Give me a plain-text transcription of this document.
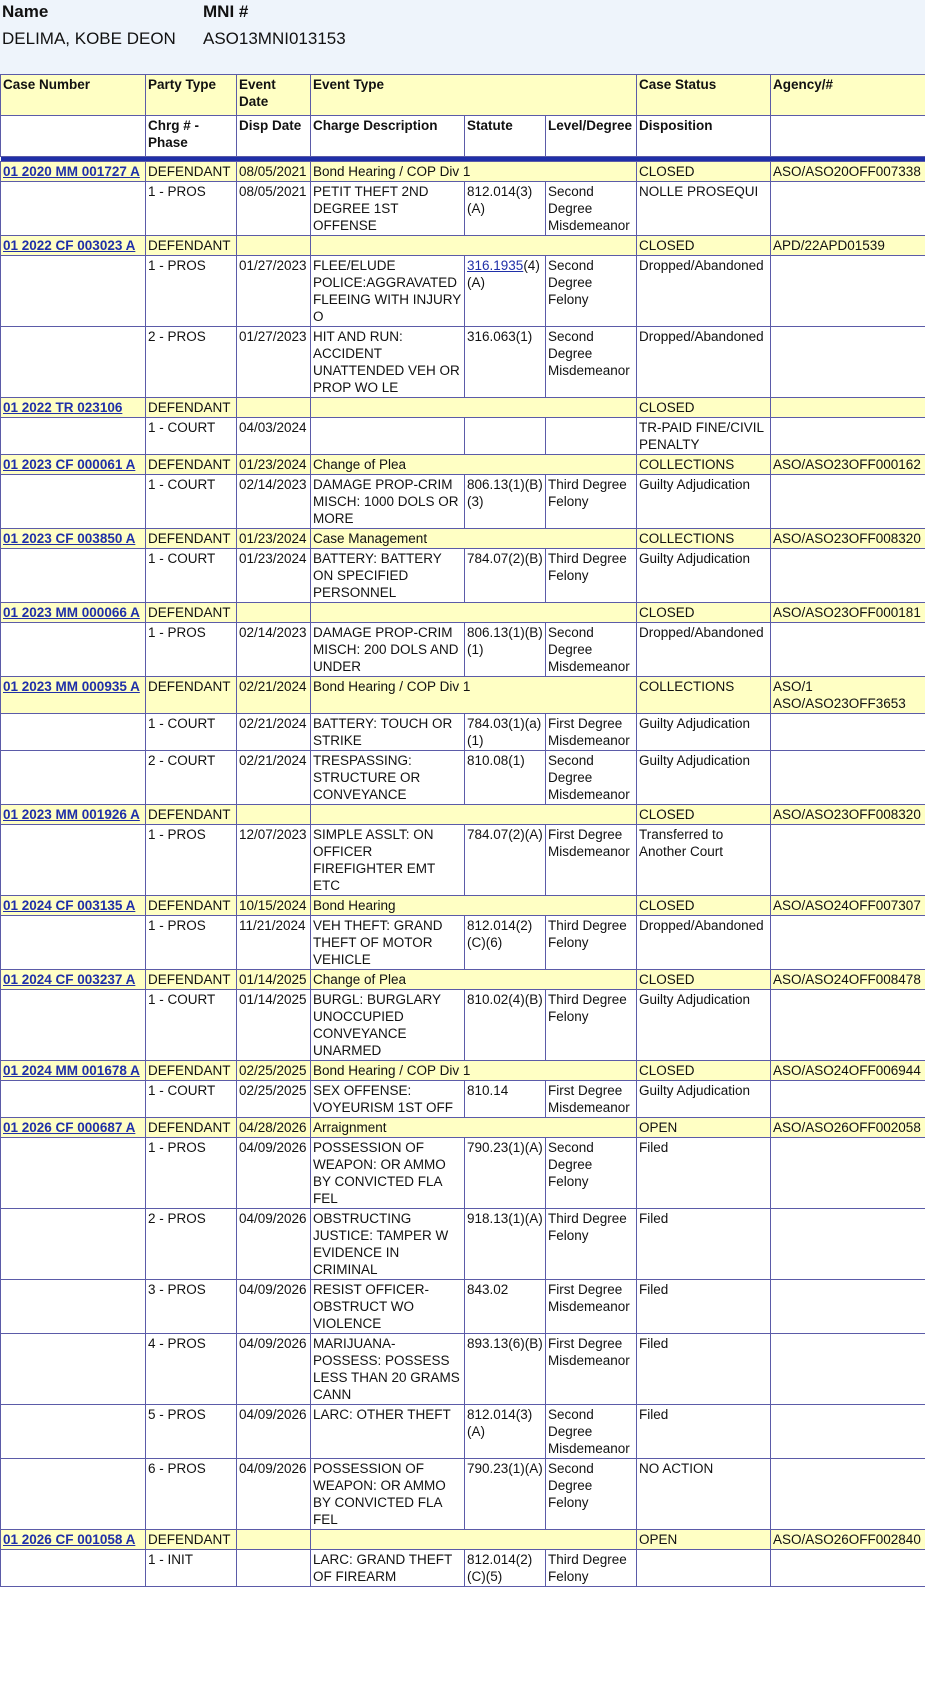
Name	MNI #
DELIMA, KOBE DEON ASO13MNI013153
Case Number	Party Type	Event Date	Event Type			Case Status	Agency/#
	Chrg # - Phase	Disp Date	Charge Description	Statute	Level/Degree	Disposition	

01 2020 MM 001727 A	DEFENDANT	08/05/2021	Bond Hearing / COP Div 1			CLOSED	ASO/ASO20OFF007338
	1 - PROS	08/05/2021	PETIT THEFT 2ND DEGREE 1ST OFFENSE	812.014(3)(A)	Second Degree Misdemeanor	NOLLE PROSEQUI	
01 2022 CF 003023 A	DEFENDANT					CLOSED	APD/22APD01539
	1 - PROS	01/27/2023	FLEE/ELUDE POLICE:AGGRAVATED FLEEING WITH INJURY O	316.1935(4)(A)	Second Degree Felony	Dropped/Abandoned	
	2 - PROS	01/27/2023	HIT AND RUN: ACCIDENT UNATTENDED VEH OR PROP WO LE	316.063(1)	Second Degree Misdemeanor	Dropped/Abandoned	
01 2022 TR 023106	DEFENDANT					CLOSED	
	1 - COURT	04/03/2024				TR-PAID FINE/CIVIL PENALTY	
01 2023 CF 000061 A	DEFENDANT	01/23/2024	Change of Plea			COLLECTIONS	ASO/ASO23OFF000162
	1 - COURT	02/14/2023	DAMAGE PROP-CRIM MISCH: 1000 DOLS OR MORE	806.13(1)(B)(3)	Third Degree Felony	Guilty Adjudication	
01 2023 CF 003850 A	DEFENDANT	01/23/2024	Case Management			COLLECTIONS	ASO/ASO23OFF008320
	1 - COURT	01/23/2024	BATTERY: BATTERY ON SPECIFIED PERSONNEL	784.07(2)(B)	Third Degree Felony	Guilty Adjudication	
01 2023 MM 000066 A	DEFENDANT					CLOSED	ASO/ASO23OFF000181
	1 - PROS	02/14/2023	DAMAGE PROP-CRIM MISCH: 200 DOLS AND UNDER	806.13(1)(B)(1)	Second Degree Misdemeanor	Dropped/Abandoned	
01 2023 MM 000935 A	DEFENDANT	02/21/2024	Bond Hearing / COP Div 1			COLLECTIONS	ASO/1 ASO/ASO23OFF3653
	1 - COURT	02/21/2024	BATTERY: TOUCH OR STRIKE	784.03(1)(a)(1)	First Degree Misdemeanor	Guilty Adjudication	
	2 - COURT	02/21/2024	TRESPASSING: STRUCTURE OR CONVEYANCE	810.08(1)	Second Degree Misdemeanor	Guilty Adjudication	
01 2023 MM 001926 A	DEFENDANT					CLOSED	ASO/ASO23OFF008320
	1 - PROS	12/07/2023	SIMPLE ASSLT: ON OFFICER FIREFIGHTER EMT ETC	784.07(2)(A)	First Degree Misdemeanor	Transferred to Another Court	
01 2024 CF 003135 A	DEFENDANT	10/15/2024	Bond Hearing			CLOSED	ASO/ASO24OFF007307
	1 - PROS	11/21/2024	VEH THEFT: GRAND THEFT OF MOTOR VEHICLE	812.014(2)(C)(6)	Third Degree Felony	Dropped/Abandoned	
01 2024 CF 003237 A	DEFENDANT	01/14/2025	Change of Plea			CLOSED	ASO/ASO24OFF008478
	1 - COURT	01/14/2025	BURGL: BURGLARY UNOCCUPIED CONVEYANCE UNARMED	810.02(4)(B)	Third Degree Felony	Guilty Adjudication	
01 2024 MM 001678 A	DEFENDANT	02/25/2025	Bond Hearing / COP Div 1			CLOSED	ASO/ASO24OFF006944
	1 - COURT	02/25/2025	SEX OFFENSE: VOYEURISM 1ST OFF	810.14	First Degree Misdemeanor	Guilty Adjudication	
01 2026 CF 000687 A	DEFENDANT	04/28/2026	Arraignment			OPEN	ASO/ASO26OFF002058
	1 - PROS	04/09/2026	POSSESSION OF WEAPON: OR AMMO BY CONVICTED FLA FEL	790.23(1)(A)	Second Degree Felony	Filed	
	2 - PROS	04/09/2026	OBSTRUCTING JUSTICE: TAMPER W EVIDENCE IN CRIMINAL	918.13(1)(A)	Third Degree Felony	Filed	
	3 - PROS	04/09/2026	RESIST OFFICER-OBSTRUCT WO VIOLENCE	843.02	First Degree Misdemeanor	Filed	
	4 - PROS	04/09/2026	MARIJUANA-POSSESS: POSSESS LESS THAN 20 GRAMS CANN	893.13(6)(B)	First Degree Misdemeanor	Filed	
	5 - PROS	04/09/2026	LARC: OTHER THEFT	812.014(3)(A)	Second Degree Misdemeanor	Filed	
	6 - PROS	04/09/2026	POSSESSION OF WEAPON: OR AMMO BY CONVICTED FLA FEL	790.23(1)(A)	Second Degree Felony	NO ACTION	
01 2026 CF 001058 A	DEFENDANT					OPEN	ASO/ASO26OFF002840
	1 - INIT		LARC: GRAND THEFT OF FIREARM	812.014(2)(C)(5)	Third Degree Felony		
